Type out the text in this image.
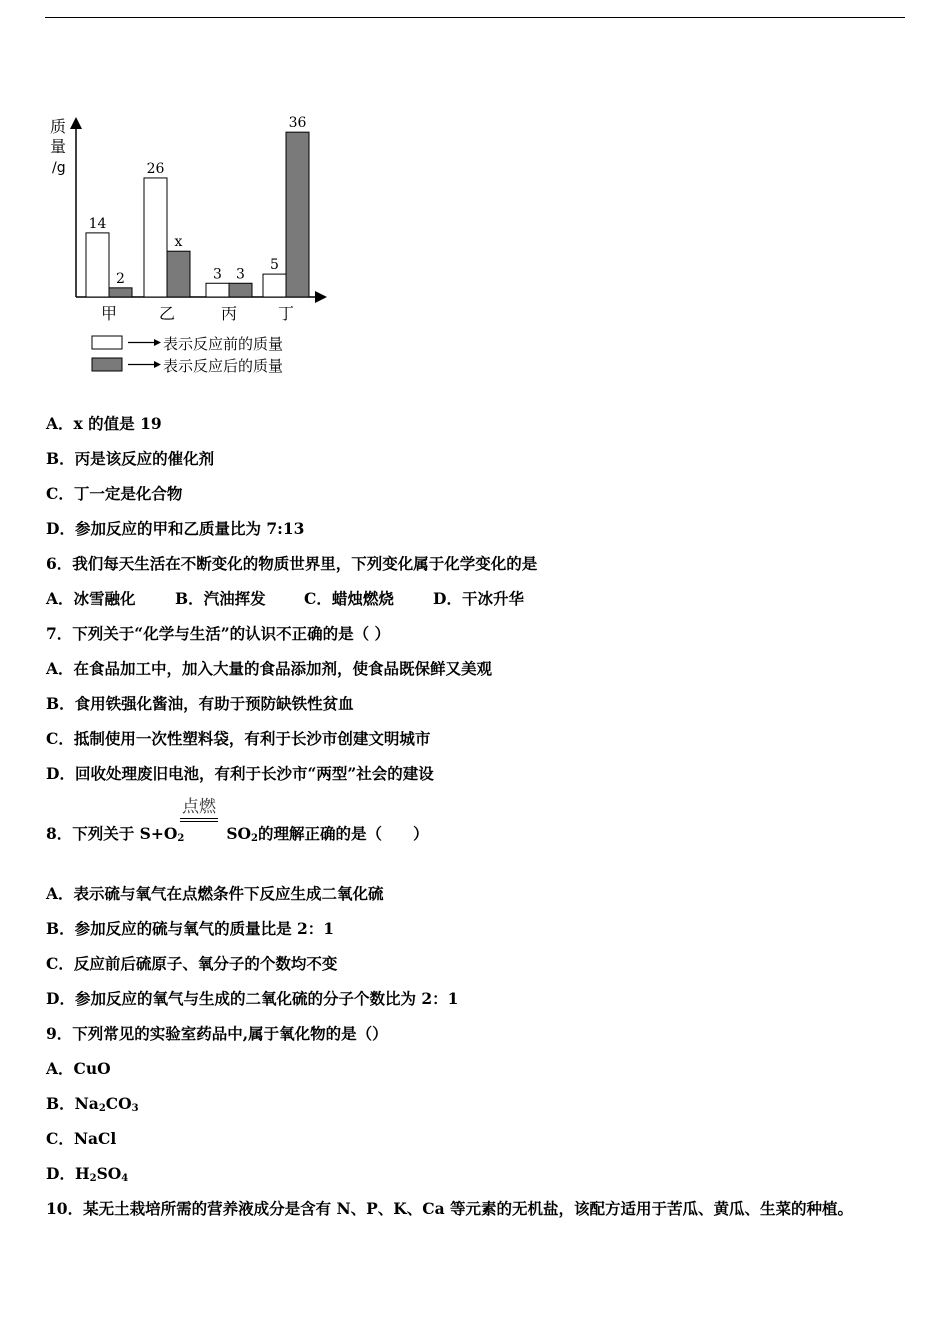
质
量
/g
14
2
甲
26
x
乙
3 3
丙
5
36
丁
表示反应前的质量
表示反应后的质量
A．x 的值是 19
B．丙是该反应的催化剂
C．丁一定是化合物
D．参加反应的甲和乙质量比为 7:13
6．我们每天生活在不断变化的物质世界里，下列变化属于化学变化的是
A．冰雪融化	B．汽油挥发 C．蜡烛燃烧	D．干冰升华
7．下列关于“化学与生活”的认识不正确的是（ ）
A．在食品加工中，加入大量的食品添加剂，使食品既保鲜又美观
B．食用铁强化酱油，有助于预防缺铁性贫血
C．抵制使用一次性塑料袋，有利于长沙市创建文明城市
D．回收处理废旧电池，有利于长沙市“两型”社会的建设
点燃
8．下列关于 $S+O_2$	$SO_2$的理解正确的是（　　）
A．表示硫与氧气在点燃条件下反应生成二氧化硫
B．参加反应的硫与氧气的质量比是 2：1
C．反应前后硫原子、氧分子的个数均不变
D．参加反应的氧气与生成的二氧化硫的分子个数比为 2：1
9．下列常见的实验室药品中,属于氧化物的是（）
A．CuO
B．$Na_2CO_3$
C．NaCl
D．$H_2SO_4$
10．某无土栽培所需的营养液成分是含有 N、P、K、Ca 等元素的无机盐，该配方适用于苦瓜、黄瓜、生菜的种植。
